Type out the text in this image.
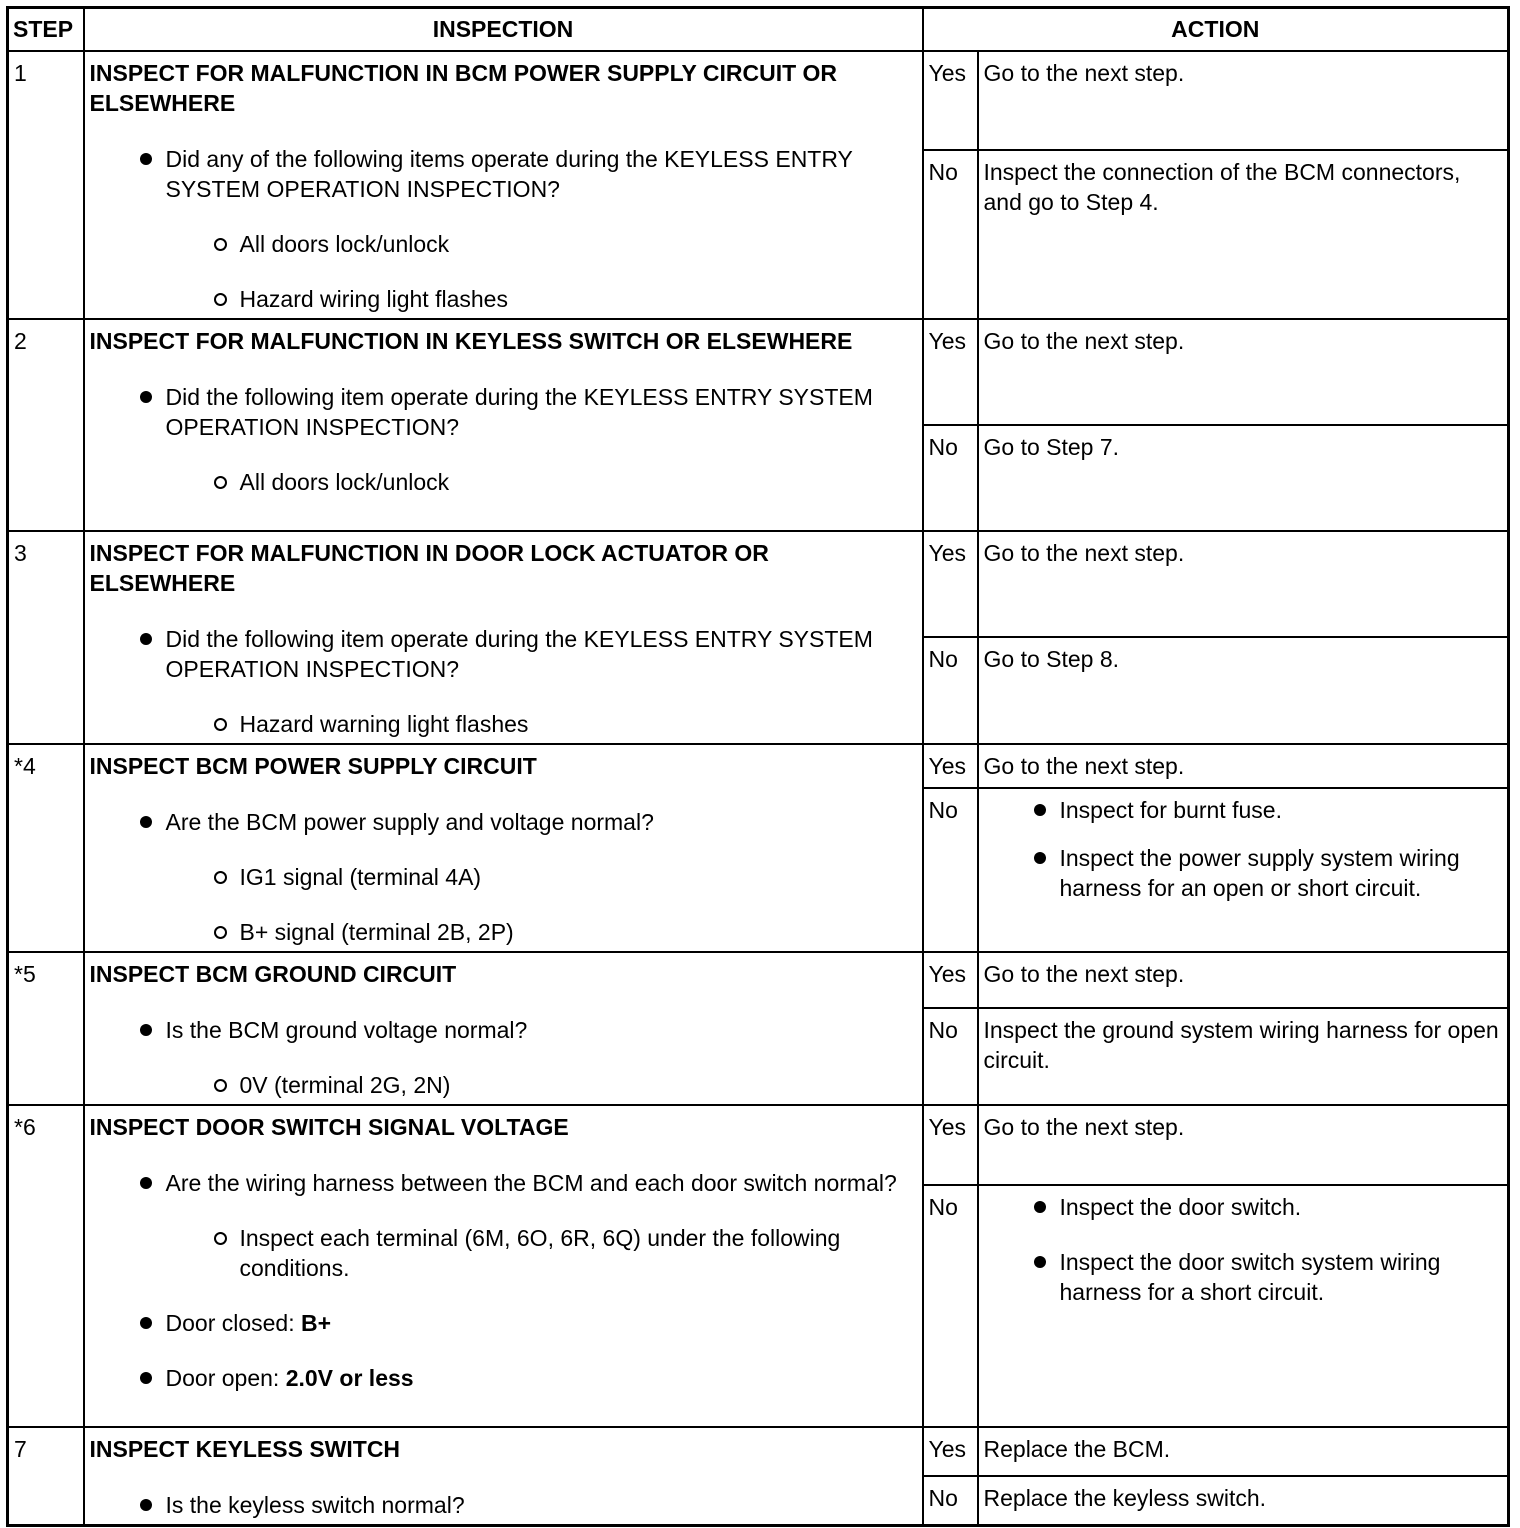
STEP	INSPECTION	ACTION	
1	INSPECT FOR MALFUNCTION IN BCM POWER SUPPLY CIRCUIT OR ELSEWHERE
Did any of the following items operate during the KEYLESS ENTRY SYSTEM OPERATION INSPECTION?
All doors lock/unlock
Hazard wiring light flashes	Yes	Go to the next step.
		No	Inspect the connection of the BCM connectors, and go to Step 4.
2	INSPECT FOR MALFUNCTION IN KEYLESS SWITCH OR ELSEWHERE
Did the following item operate during the KEYLESS ENTRY SYSTEM OPERATION INSPECTION?
All doors lock/unlock	Yes	Go to the next step.
		No	Go to Step 7.
3	INSPECT FOR MALFUNCTION IN DOOR LOCK ACTUATOR OR ELSEWHERE
Did the following item operate during the KEYLESS ENTRY SYSTEM OPERATION INSPECTION?
Hazard warning light flashes	Yes	Go to the next step.
		No	Go to Step 8.
*4	INSPECT BCM POWER SUPPLY CIRCUIT
Are the BCM power supply and voltage normal?
IG1 signal (terminal 4A)
B+ signal (terminal 2B, 2P)	Yes	Go to the next step.
		No	Inspect for burnt fuse.
Inspect the power supply system wiring harness for an open or short circuit.

*5	INSPECT BCM GROUND CIRCUIT
Is the BCM ground voltage normal?
0V (terminal 2G, 2N)	Yes	Go to the next step.
		No	Inspect the ground system wiring harness for open circuit.
*6	INSPECT DOOR SWITCH SIGNAL VOLTAGE
Are the wiring harness between the BCM and each door switch normal?
Inspect each terminal (6M, 6O, 6R, 6Q) under the following conditions.
Door closed: B+
Door open: 2.0V or less	Yes	Go to the next step.
		No	Inspect the door switch.
Inspect the door switch system wiring harness for a short circuit.

7	INSPECT KEYLESS SWITCH
Is the keyless switch normal?	Yes	Replace the BCM.
		No	Replace the keyless switch.
